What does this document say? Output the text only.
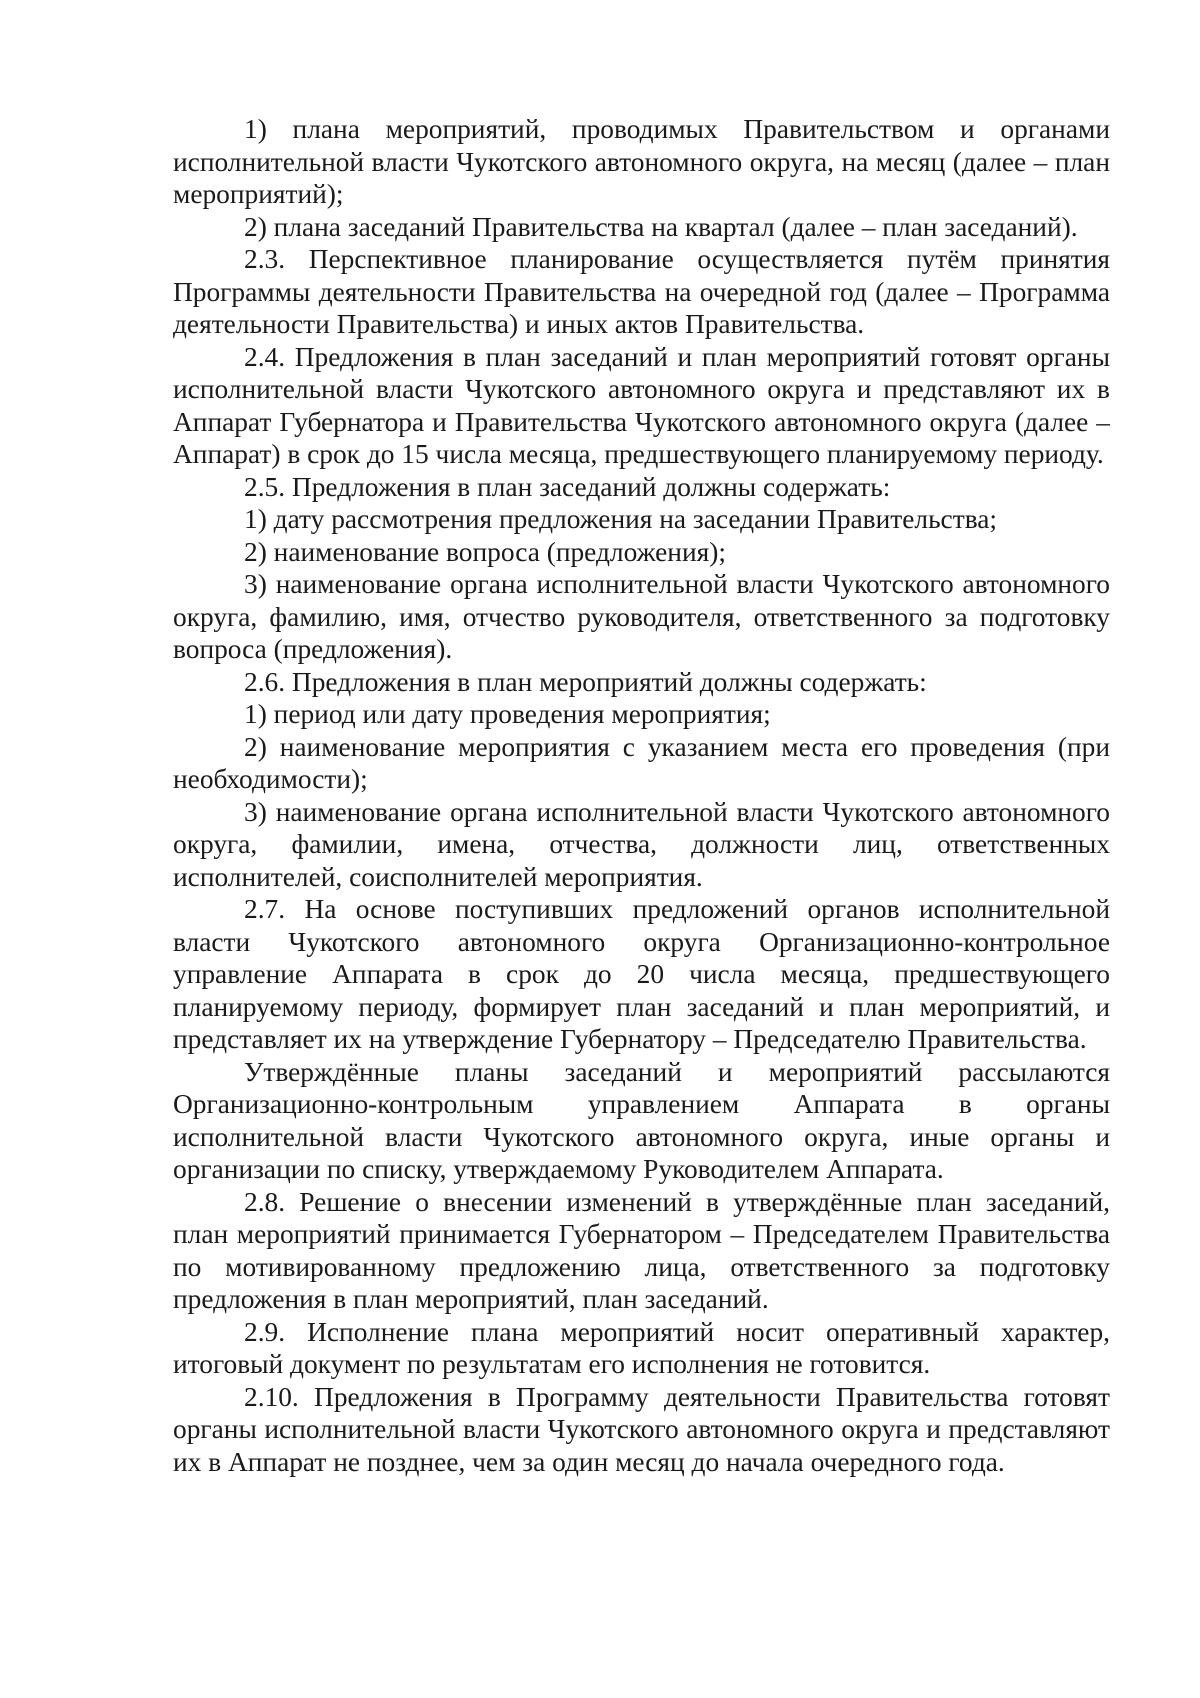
1) плана мероприятий, проводимых Правительством и органами исполнительной власти Чукотского автономного округа, на месяц (далее – план мероприятий);

2) плана заседаний Правительства на квартал (далее – план заседаний).

2.3. Перспективное планирование осуществляется путём принятия Программы деятельности Правительства на очередной год (далее – Программа деятельности Правительства) и иных актов Правительства.

2.4. Предложения в план заседаний и план мероприятий готовят органы исполнительной власти Чукотского автономного округа и представляют их в Аппарат Губернатора и Правительства Чукотского автономного округа (далее – Аппарат) в срок до 15 числа месяца, предшествующего планируемому периоду.

2.5. Предложения в план заседаний должны содержать:

1) дату рассмотрения предложения на заседании Правительства;

2) наименование вопроса (предложения);

3) наименование органа исполнительной власти Чукотского автономного округа, фамилию, имя, отчество руководителя, ответственного за подготовку вопроса (предложения).

2.6. Предложения в план мероприятий должны содержать:

1) период или дату проведения мероприятия;

2) наименование мероприятия с указанием места его проведения (при необходимости);

3) наименование органа исполнительной власти Чукотского автономного округа, фамилии, имена, отчества, должности лиц, ответственных исполнителей, соисполнителей мероприятия.

2.7. На основе поступивших предложений органов исполнительной власти Чукотского автономного округа Организационно-контрольное управление Аппарата в срок до 20 числа месяца, предшествующего планируемому периоду, формирует план заседаний и план мероприятий, и представляет их на утверждение Губернатору – Председателю Правительства.

Утверждённые планы заседаний и мероприятий рассылаются Организационно-контрольным управлением Аппарата в органы исполнительной власти Чукотского автономного округа, иные органы и организации по списку, утверждаемому Руководителем Аппарата.

2.8. Решение о внесении изменений в утверждённые план заседаний, план мероприятий принимается Губернатором – Председателем Правительства по мотивированному предложению лица, ответственного за подготовку предложения в план мероприятий, план заседаний.

2.9. Исполнение плана мероприятий носит оперативный характер, итоговый документ по результатам его исполнения не готовится.

2.10. Предложения в Программу деятельности Правительства готовят органы исполнительной власти Чукотского автономного округа и представляют их в Аппарат не позднее, чем за один месяц до начала очередного года.
